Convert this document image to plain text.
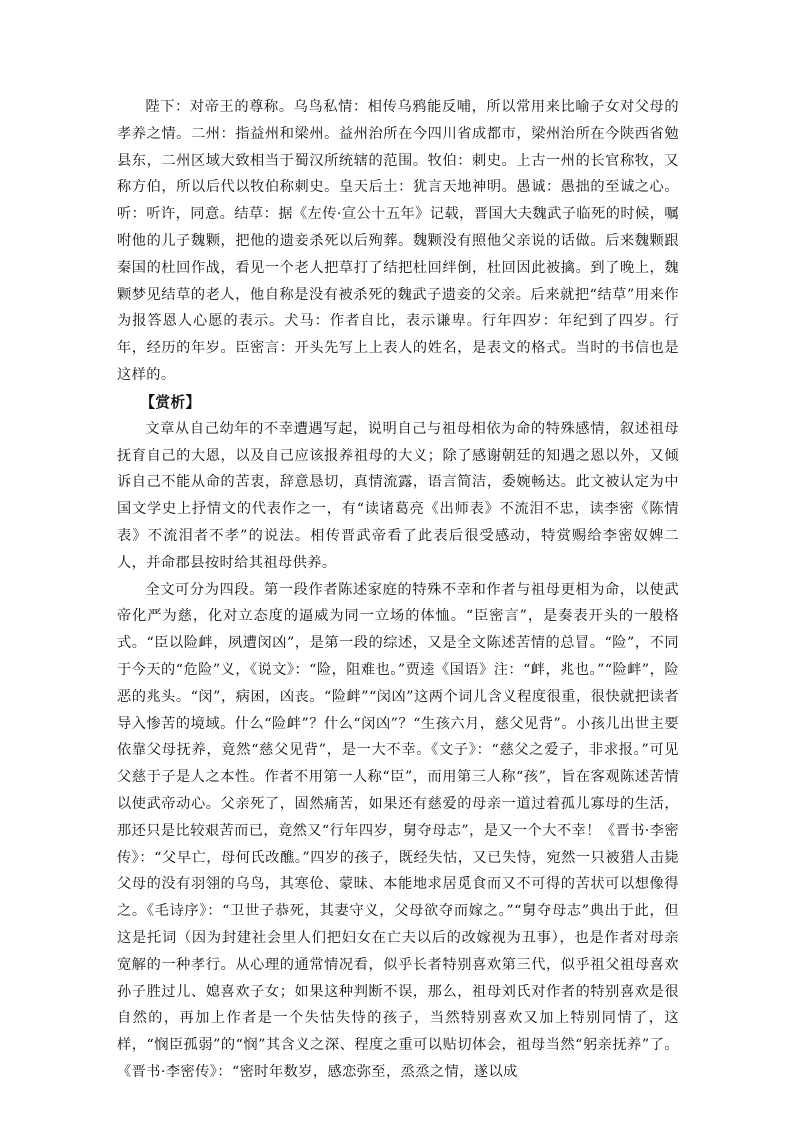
陛下：对帝王的尊称。乌鸟私情：相传乌鸦能反哺，所以常用来比喻子女对父母的孝养之情。二州：指益州和梁州。益州治所在今四川省成都市，梁州治所在今陕西省勉县东，二州区域大致相当于蜀汉所统辖的范围。牧伯：刺史。上古一州的长官称牧，又称方伯，所以后代以牧伯称刺史。皇天后土：犹言天地神明。愚诚：愚拙的至诚之心。听：听许，同意。结草：据《左传·宣公十五年》记载，晋国大夫魏武子临死的时候，嘱咐他的儿子魏颗，把他的遗妾杀死以后殉葬。魏颗没有照他父亲说的话做。后来魏颗跟秦国的杜回作战，看见一个老人把草打了结把杜回绊倒，杜回因此被擒。到了晚上，魏颗梦见结草的老人，他自称是没有被杀死的魏武子遗妾的父亲。后来就把“结草”用来作为报答恩人心愿的表示。犬马：作者自比，表示谦卑。行年四岁：年纪到了四岁。行年，经历的年岁。臣密言：开头先写上上表人的姓名，是表文的格式。当时的书信也是这样的。

【赏析】

文章从自己幼年的不幸遭遇写起，说明自己与祖母相依为命的特殊感情，叙述祖母抚育自己的大恩，以及自己应该报养祖母的大义；除了感谢朝廷的知遇之恩以外，又倾诉自己不能从命的苦衷，辞意恳切，真情流露，语言简洁，委婉畅达。此文被认定为中国文学史上抒情文的代表作之一，有“读诸葛亮《出师表》不流泪不忠，读李密《陈情表》不流泪者不孝”的说法。相传晋武帝看了此表后很受感动，特赏赐给李密奴婢二人，并命郡县按时给其祖母供养。

全文可分为四段。第一段作者陈述家庭的特殊不幸和作者与祖母更相为命，以使武帝化严为慈，化对立态度的逼威为同一立场的体恤。“臣密言”，是奏表开头的一般格式。“臣以险衅，夙遭闵凶”，是第一段的综述，又是全文陈述苦情的总冒。“险”，不同于今天的“危险”义，《说文》：“险，阻难也。”贾逵《国语》注：“衅，兆也。”“险衅”，险恶的兆头。“闵”，病困，凶丧。“险衅”“闵凶”这两个词儿含义程度很重，很快就把读者导入惨苦的境域。什么“险衅”？什么“闵凶”？“生孩六月，慈父见背”。小孩儿出世主要依靠父母抚养，竟然“慈父见背”，是一大不幸。《文子》：“慈父之爱子，非求报。”可见父慈于子是人之本性。作者不用第一人称“臣”，而用第三人称“孩”，旨在客观陈述苦情以使武帝动心。父亲死了，固然痛苦，如果还有慈爱的母亲一道过着孤儿寡母的生活，那还只是比较艰苦而已，竟然又“行年四岁，舅夺母志”，是又一个大不幸！《晋书·李密传》：“父早亡，母何氏改醮。”四岁的孩子，既经失怙，又已失恃，宛然一只被猎人击毙父母的没有羽翎的乌鸟，其寒伧、蒙昧、本能地求居觅食而又不可得的苦状可以想像得之。《毛诗序》：“卫世子恭死，其妻守义，父母欲夺而嫁之。”“舅夺母志”典出于此，但这是托词（因为封建社会里人们把妇女在亡夫以后的改嫁视为丑事），也是作者对母亲宽解的一种孝行。从心理的通常情况看，似乎长者特别喜欢第三代，似乎祖父祖母喜欢孙子胜过儿、媳喜欢子女；如果这种判断不误，那么，祖母刘氏对作者的特别喜欢是很自然的，再加上作者是一个失怙失恃的孩子，当然特别喜欢又加上特别同情了，这样，“悯臣孤弱”的“悯”其含义之深、程度之重可以贴切体会，祖母当然“躬亲抚养”了。《晋书·李密传》：“密时年数岁，感恋弥至，烝烝之情，遂以成
